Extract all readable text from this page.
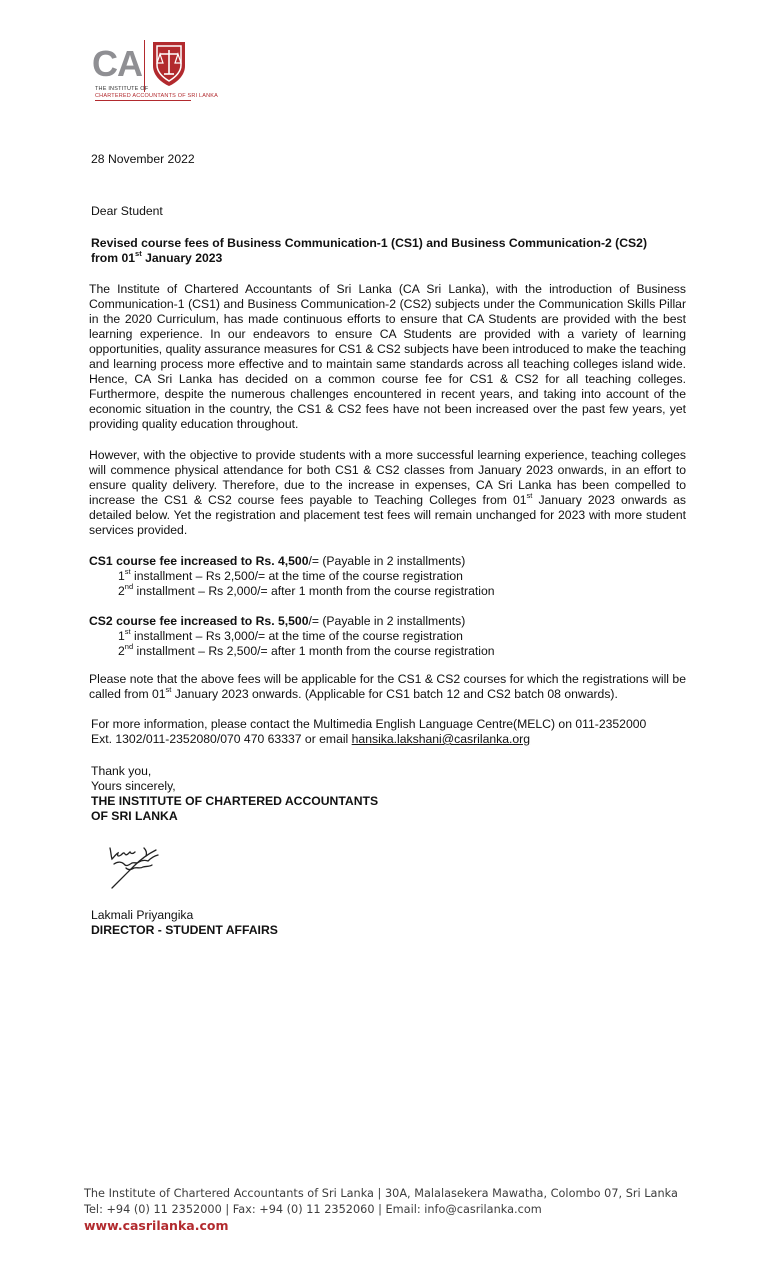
CA
THE INSTITUTE OF
CHARTERED ACCOUNTANTS OF SRI LANKA
28 November 2022
Dear Student
Revised course fees of Business Communication-1 (CS1) and Business Communication-2 (CS2)
from 01st January 2023
The Institute of Chartered Accountants of Sri Lanka (CA Sri Lanka), with the introduction of Business Communication-1 (CS1) and Business Communication-2 (CS2) subjects under the Communication Skills Pillar in the 2020 Curriculum, has made continuous efforts to ensure that CA Students are provided with the best learning experience. In our endeavors to ensure CA Students are provided with a variety of learning opportunities, quality assurance measures for CS1 & CS2 subjects have been introduced to make the teaching and learning process more effective and to maintain same standards across all teaching colleges island wide. Hence, CA Sri Lanka has decided on a common course fee for CS1 & CS2 for all teaching colleges. Furthermore, despite the numerous challenges encountered in recent years, and taking into account of the economic situation in the country, the CS1 & CS2 fees have not been increased over the past few years, yet providing quality education throughout.
However, with the objective to provide students with a more successful learning experience, teaching colleges will commence physical attendance for both CS1 & CS2 classes from January 2023 onwards, in an effort to ensure quality delivery. Therefore, due to the increase in expenses, CA Sri Lanka has been compelled to increase the CS1 & CS2 course fees payable to Teaching Colleges from 01st January 2023 onwards as detailed below. Yet the registration and placement test fees will remain unchanged for 2023 with more student services provided.
CS1 course fee increased to Rs. 4,500/= (Payable in 2 installments)
1st installment – Rs 2,500/= at the time of the course registration
2nd installment – Rs 2,000/= after 1 month from the course registration
CS2 course fee increased to Rs. 5,500/= (Payable in 2 installments)
1st installment – Rs 3,000/= at the time of the course registration
2nd installment – Rs 2,500/= after 1 month from the course registration
Please note that the above fees will be applicable for the CS1 & CS2 courses for which the registrations will be called from 01st January 2023 onwards. (Applicable for CS1 batch 12 and CS2 batch 08 onwards).
For more information, please contact the Multimedia English Language Centre(MELC) on 011-2352000
Ext. 1302/011-2352080/070 470 63337 or email hansika.lakshani@casrilanka.org
Thank you,
Yours sincerely,
THE INSTITUTE OF CHARTERED ACCOUNTANTS
OF SRI LANKA
Lakmali Priyangika
DIRECTOR - STUDENT AFFAIRS
The Institute of Chartered Accountants of Sri Lanka | 30A, Malalasekera Mawatha, Colombo 07, Sri Lanka
Tel: +94 (0) 11 2352000 | Fax: +94 (0) 11 2352060 | Email: info@casrilanka.com
www.casrilanka.com
